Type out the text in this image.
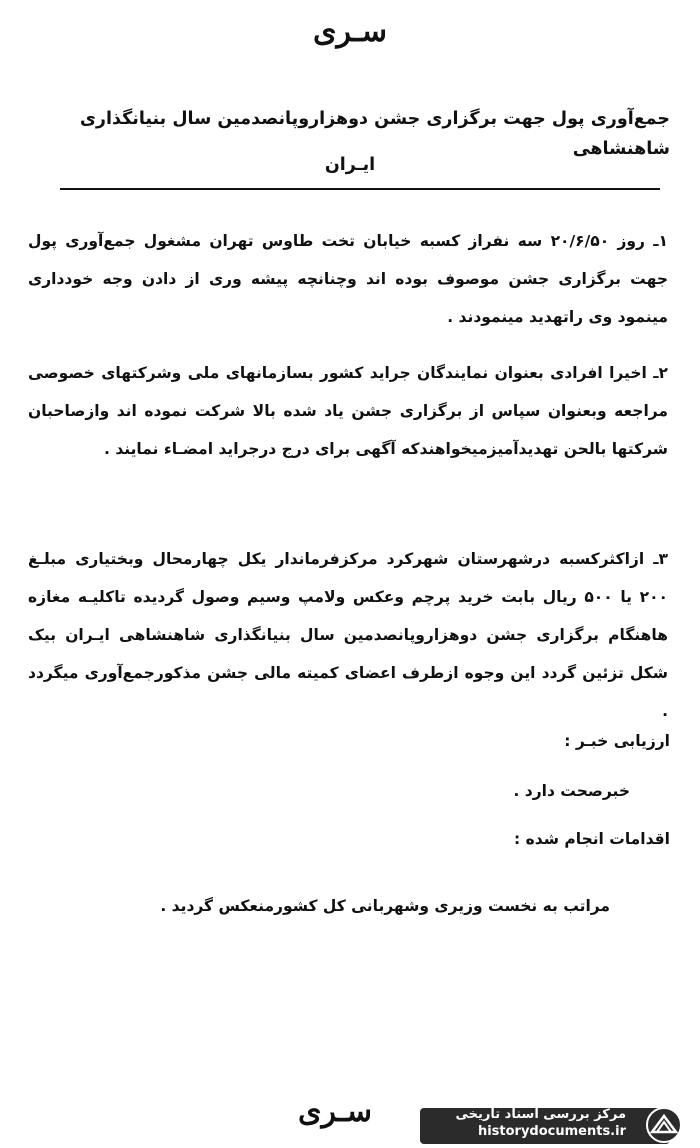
سـرى
جمع‌آوری پول جهت برگزاری جشن دوهزاروپانصدمین سال بنیانگذاری شاهنشاهی
ایـران
۱ـ روز ۲۰/۶/۵۰ سه نفراز کسبه خیابان تخت طاوس تهران مشغول جمع‌آوری پول جهت برگزاری جشن موصوف بوده اند وچنانچه پیشه وری از دادن وجه خودداری مینمود وی راتهدید مینمودند .
۲ـ اخیرا افرادی بعنوان نمایندگان جراید کشور بسازمانهای ملی وشرکتهای خصوصی مراجعه وبعنوان سپاس از برگزاری جشن یاد شده بالا شرکت نموده اند وازصاحبان شرکتها بالحن تهدیدآمیزمیخواهندکه آگهی برای درج درجراید امضـاء نمایند .
۳ـ ازاکثرکسبه درشهرستان شهرکرد مرکزفرماندار یکل چهارمحال وبختیاری مبلـغ ۲۰۰ یا ۵۰۰ ریال بابت خرید پرچم وعکس ولامپ وسیم وصول گردیده تاکلیـه مغازه هاهنگام برگزاری جشن دوهزاروپانصدمین سال بنیانگذاری شاهنشاهی ایـران بیک شکل تزئین گردد این وجوه ازطرف اعضای کمیته مالی جشن مذکورجمع‌آوری میگردد .
ارزیابی خبـر :
خبرصحت دارد .
اقدامات انجام شده :
مراتب به نخست وزیری وشهربانی کل کشورمنعکس گردید .
سـرى	مرکز بررسی اسناد تاریخی
historydocuments.ir
